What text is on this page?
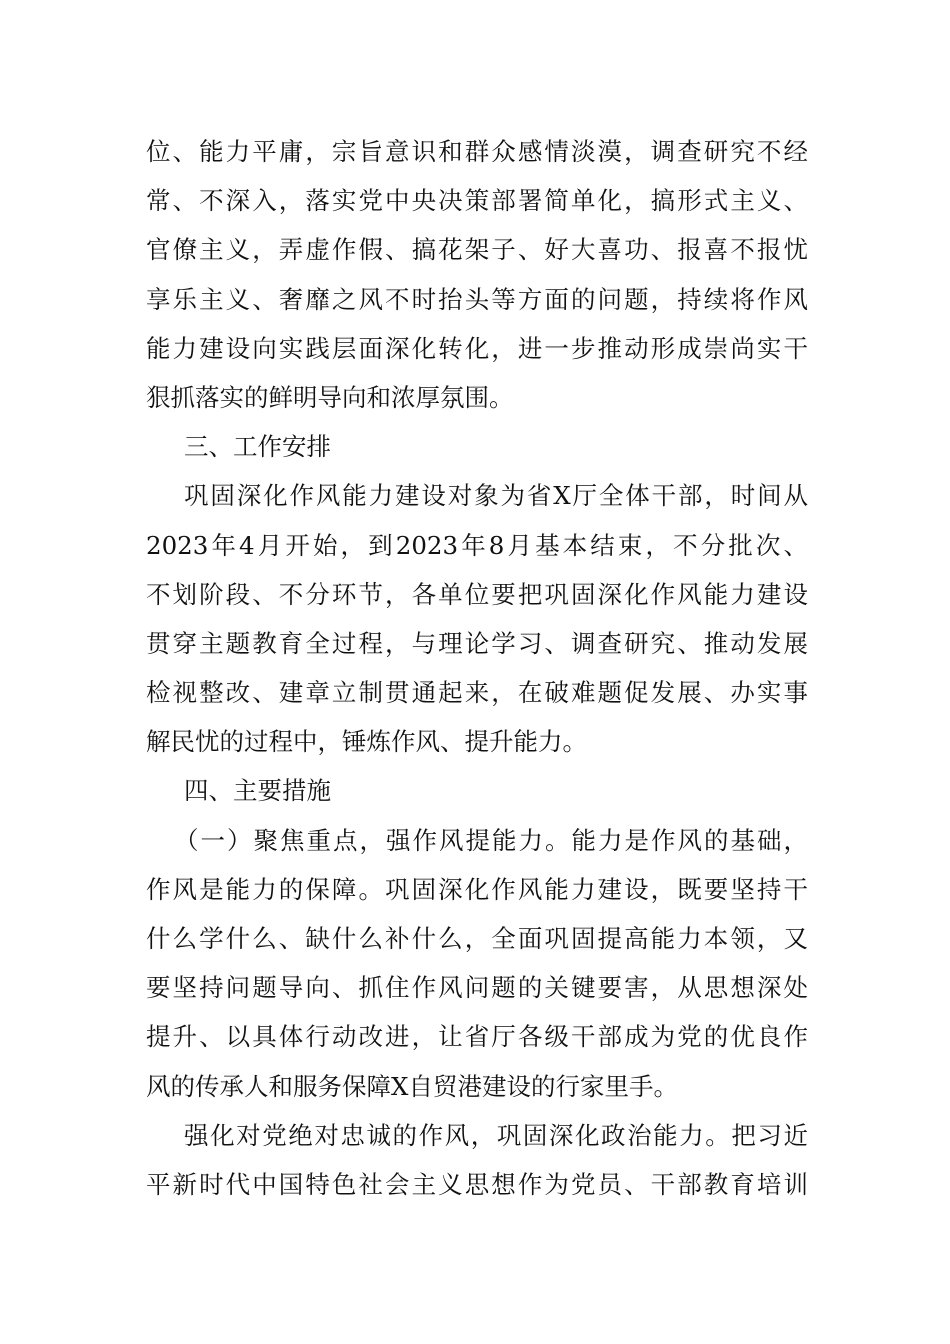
位、能力平庸，宗旨意识和群众感情淡漠，调查研究不经
常、不深入，落实党中央决策部署简单化，搞形式主义、
官僚主义，弄虚作假、搞花架子、好大喜功、报喜不报忧
享乐主义、奢靡之风不时抬头等方面的问题，持续将作风
能力建设向实践层面深化转化，进一步推动形成崇尚实干
狠抓落实的鲜明导向和浓厚氛围。
三、工作安排
巩固深化作风能力建设对象为省X厅全体干部，时间从
2023年4月开始，到2023年8月基本结束，不分批次、
不划阶段、不分环节，各单位要把巩固深化作风能力建设
贯穿主题教育全过程，与理论学习、调查研究、推动发展
检视整改、建章立制贯通起来，在破难题促发展、办实事
解民忧的过程中，锤炼作风、提升能力。
四、主要措施
（一）聚焦重点，强作风提能力。能力是作风的基础，
作风是能力的保障。巩固深化作风能力建设，既要坚持干
什么学什么、缺什么补什么，全面巩固提高能力本领，又
要坚持问题导向、抓住作风问题的关键要害，从思想深处
提升、以具体行动改进，让省厅各级干部成为党的优良作
风的传承人和服务保障X自贸港建设的行家里手。
强化对党绝对忠诚的作风，巩固深化政治能力。把习近
平新时代中国特色社会主义思想作为党员、干部教育培训
